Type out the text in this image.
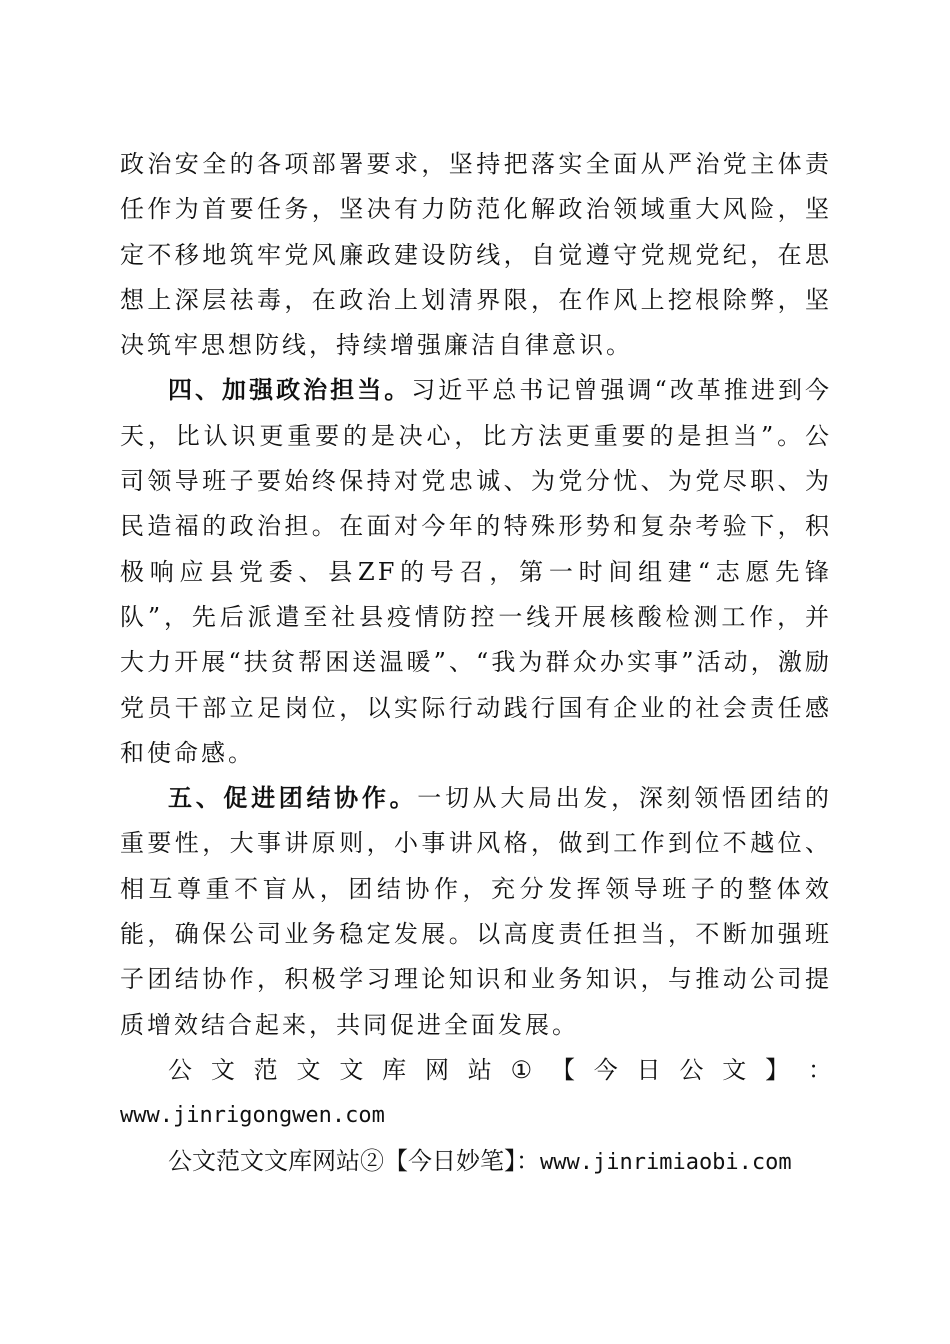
政治安全的各项部署要求，坚持把落实全面从严治党主体责任作为首要任务，坚决有力防范化解政治领域重大风险，坚定不移地筑牢党风廉政建设防线，自觉遵守党规党纪，在思想上深层祛毒，在政治上划清界限，在作风上挖根除弊，坚决筑牢思想防线，持续增强廉洁自律意识。

四、加强政治担当。习近平总书记曾强调“改革推进到今天，比认识更重要的是决心，比方法更重要的是担当”。公司领导班子要始终保持对党忠诚、为党分忧、为党尽职、为民造福的政治担。在面对今年的特殊形势和复杂考验下，积极响应县党委、县ZF的号召，第一时间组建“志愿先锋队”，先后派遣至社县疫情防控一线开展核酸检测工作，并大力开展“扶贫帮困送温暖”、“我为群众办实事”活动，激励党员干部立足岗位，以实际行动践行国有企业的社会责任感和使命感。

五、促进团结协作。一切从大局出发，深刻领悟团结的重要性，大事讲原则，小事讲风格，做到工作到位不越位、相互尊重不盲从，团结协作，充分发挥领导班子的整体效能，确保公司业务稳定发展。以高度责任担当，不断加强班子团结协作，积极学习理论知识和业务知识，与推动公司提质增效结合起来，共同促进全面发展。

公 文 范 文 文 库 网 站 ① 【 今 日 公 文 】 ：
www.jinrigongwen.com
公文范文文库网站②【今日妙笔】：www.jinrimiaobi.com
